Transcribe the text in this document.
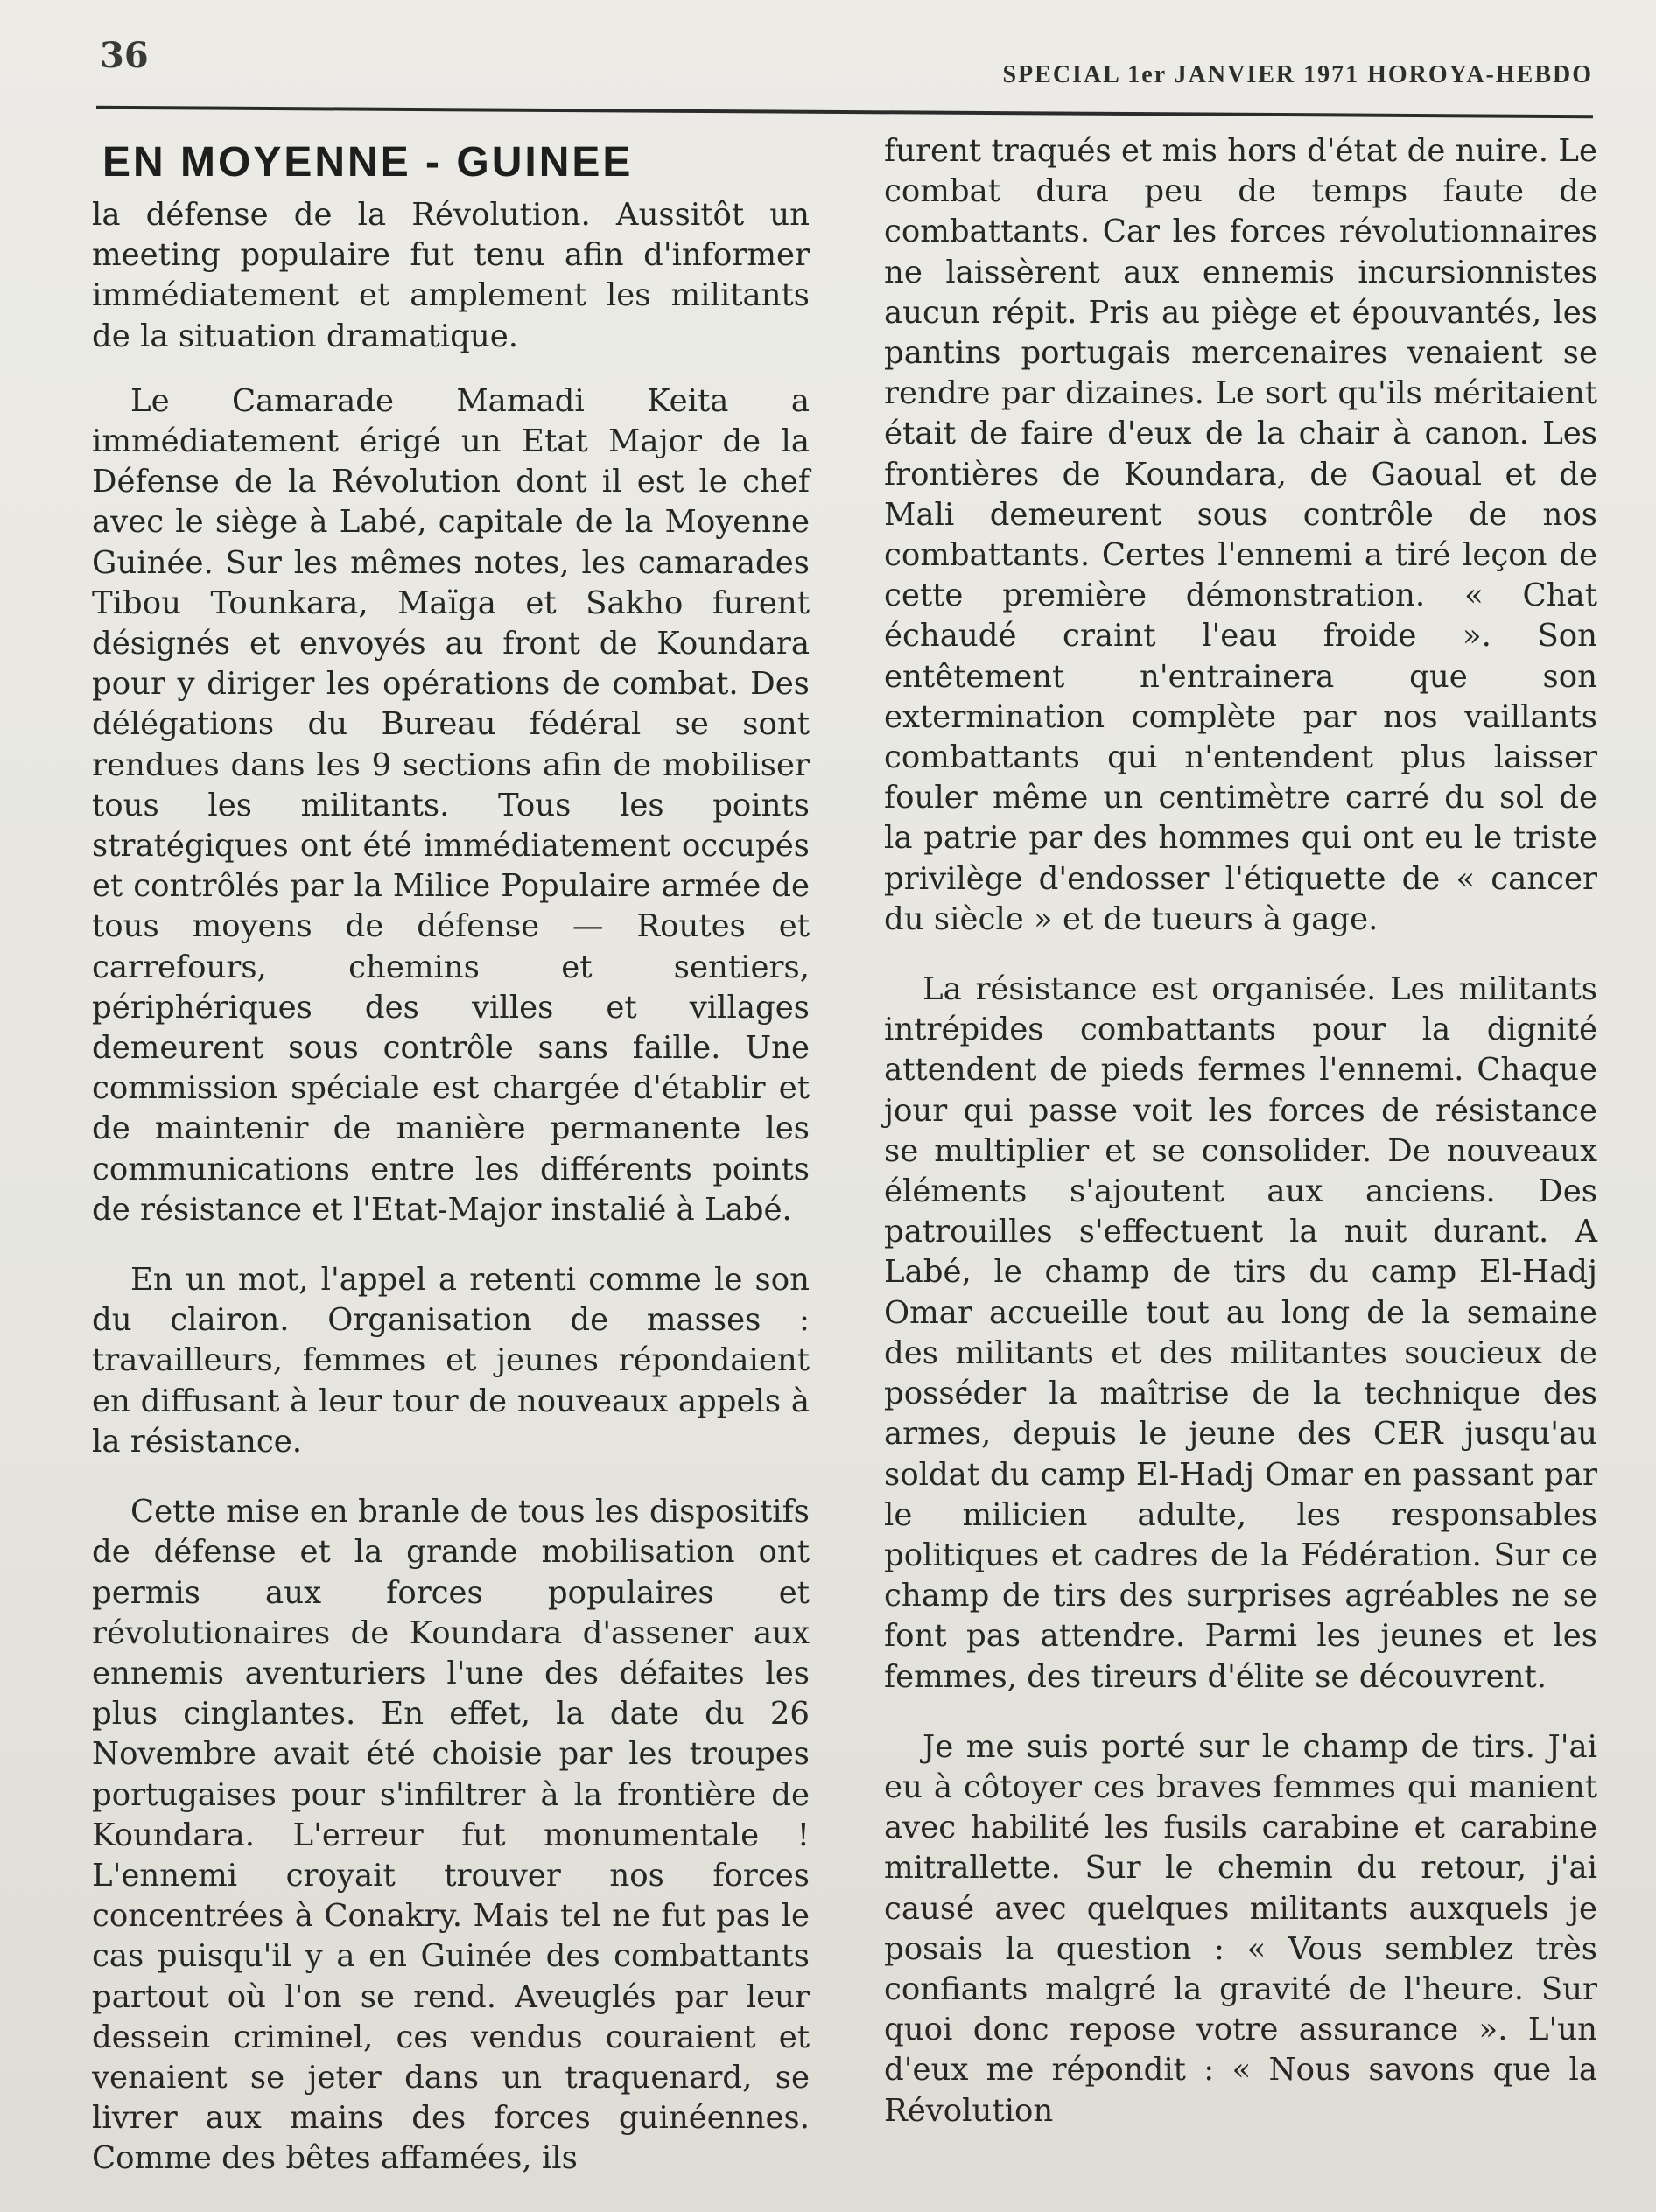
36	SPECIAL 1er JANVIER 1971 HOROYA-HEBDO
EN MOYENNE - GUINEE

la défense de la Révolution. Aussitôt un meeting populaire fut tenu afin d'informer immédiatement et amplement les militants de la situation dramatique.

Le Camarade Mamadi Keita a immédiatement érigé un Etat Major de la Défense de la Révolution dont il est le chef avec le siège à Labé, capitale de la Moyenne Guinée. Sur les mêmes notes, les camarades Tibou Tounkara, Maïga et Sakho furent désignés et envoyés au front de Koundara pour y diriger les opérations de combat. Des délégations du Bureau fédéral se sont rendues dans les 9 sections afin de mobiliser tous les militants. Tous les points stratégiques ont été immédiatement occupés et contrôlés par la Milice Populaire armée de tous moyens de défense — Routes et carrefours, chemins et sentiers, périphériques des villes et villages demeurent sous contrôle sans faille. Une commission spéciale est chargée d'établir et de maintenir de manière permanente les communications entre les différents points de résistance et l'Etat-Major instalié à Labé.

En un mot, l'appel a retenti comme le son du clairon. Organisation de masses : travailleurs, femmes et jeunes répondaient en diffusant à leur tour de nouveaux appels à la résistance.

Cette mise en branle de tous les dispositifs de défense et la grande mobilisation ont permis aux forces populaires et révolutionaires de Koundara d'assener aux ennemis aventuriers l'une des défaites les plus cinglantes. En effet, la date du 26 Novembre avait été choisie par les troupes portugaises pour s'infiltrer à la frontière de Koundara. L'erreur fut monumentale ! L'ennemi croyait trouver nos forces concentrées à Conakry. Mais tel ne fut pas le cas puisqu'il y a en Guinée des combattants partout où l'on se rend. Aveuglés par leur dessein criminel, ces vendus couraient et venaient se jeter dans un traquenard, se livrer aux mains des forces guinéennes. Comme des bêtes affamées, ils

furent traqués et mis hors d'état de nuire. Le combat dura peu de temps faute de combattants. Car les forces révolutionnaires ne laissèrent aux ennemis incursionnistes aucun répit. Pris au piège et épouvantés, les pantins portugais mercenaires venaient se rendre par dizaines. Le sort qu'ils méritaient était de faire d'eux de la chair à canon. Les frontières de Koundara, de Gaoual et de Mali demeurent sous contrôle de nos combattants. Certes l'ennemi a tiré leçon de cette première démonstration. « Chat échaudé craint l'eau froide ». Son entêtement n'entrainera que son extermination complète par nos vaillants combattants qui n'entendent plus laisser fouler même un centimètre carré du sol de la patrie par des hommes qui ont eu le triste privilège d'endosser l'étiquette de « cancer du siècle » et de tueurs à gage.

La résistance est organisée. Les militants intrépides combattants pour la dignité attendent de pieds fermes l'ennemi. Chaque jour qui passe voit les forces de résistance se multiplier et se consolider. De nouveaux éléments s'ajoutent aux anciens. Des patrouilles s'effectuent la nuit durant. A Labé, le champ de tirs du camp El-Hadj Omar accueille tout au long de la semaine des militants et des militantes soucieux de posséder la maîtrise de la technique des armes, depuis le jeune des CER jusqu'au soldat du camp El-Hadj Omar en passant par le milicien adulte, les responsables politiques et cadres de la Fédération. Sur ce champ de tirs des surprises agréables ne se font pas attendre. Parmi les jeunes et les femmes, des tireurs d'élite se découvrent.

Je me suis porté sur le champ de tirs. J'ai eu à côtoyer ces braves femmes qui manient avec habilité les fusils carabine et carabine mitrallette. Sur le chemin du retour, j'ai causé avec quelques militants auxquels je posais la question : « Vous semblez très confiants malgré la gravité de l'heure. Sur quoi donc repose votre assurance ». L'un d'eux me répondit : « Nous savons que la Révolution
